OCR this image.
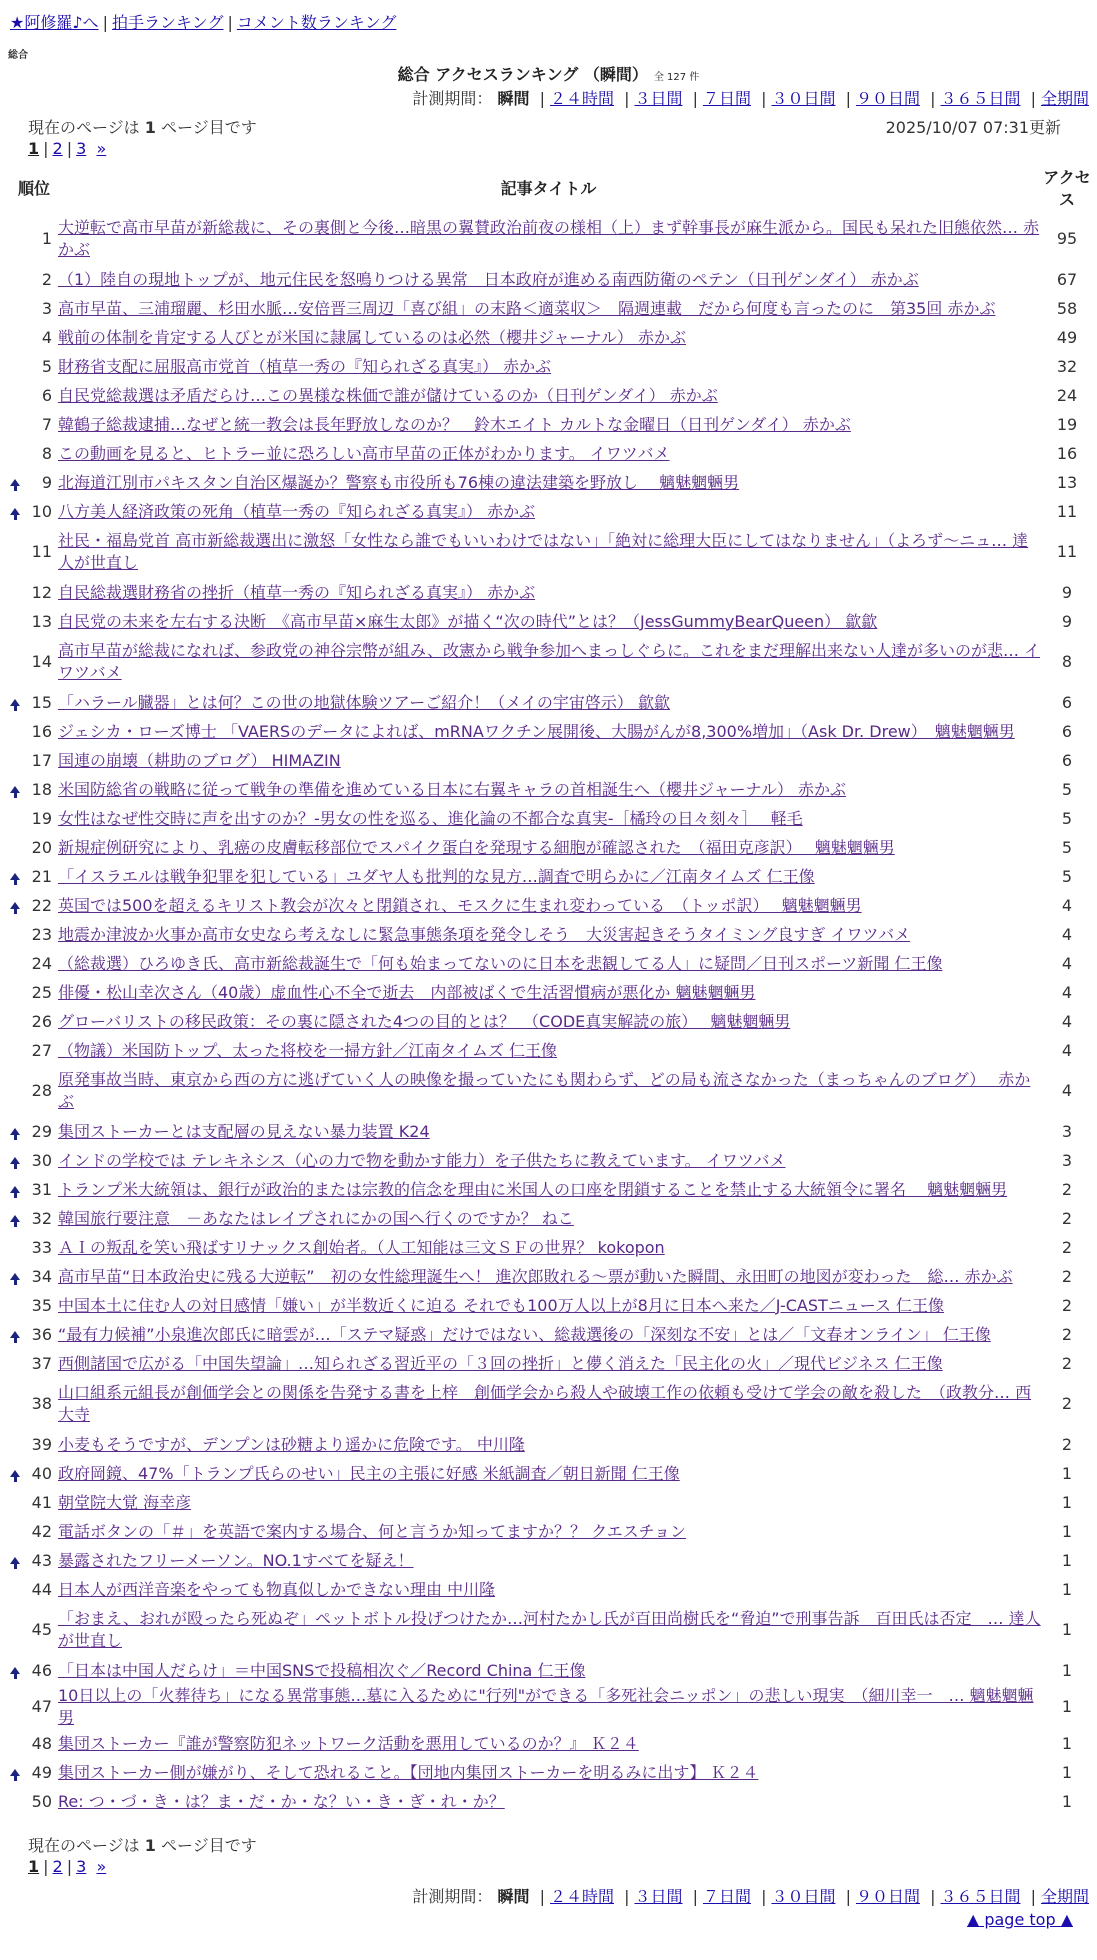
★阿修羅♪へ | 拍手ランキング | コメント数ランキング
総合
総合 アクセスランキング （瞬間） 全 127 件
計測期間： 瞬間 | ２４時間 | ３日間 | ７日間 | ３０日間 | ９０日間 | ３６５日間 | 全期間
現在のページは 1 ページ目です	2025/10/07 07:31更新
1 | 2 | 3 »
順位		記事タイトル	アクセス
	1	大逆転で高市早苗が新総裁に、その裏側と今後…暗黒の翼賛政治前夜の様相（上）まず幹事長が麻生派から。国民も呆れた旧態依然… 赤かぶ	95
	2	（1）陸自の現地トップが、地元住民を怒鳴りつける異常　日本政府が進める南西防衛のペテン（日刊ゲンダイ） 赤かぶ	67
	3	高市早苗、三浦瑠麗、杉田水脈…安倍晋三周辺「喜び組」の末路＜適菜収＞　隔週連載　だから何度も言ったのに　第35回 赤かぶ	58
	4	戦前の体制を肯定する人びとが米国に隷属しているのは必然（櫻井ジャーナル） 赤かぶ	49
	5	財務省支配に屈服高市党首（植草一秀の『知られざる真実』） 赤かぶ	32
	6	自民党総裁選は矛盾だらけ…この異様な株価で誰が儲けているのか（日刊ゲンダイ） 赤かぶ	24
	7	韓鶴子総裁逮捕…なぜと統一教会は長年野放しなのか？　鈴木エイト カルトな金曜日（日刊ゲンダイ） 赤かぶ	19
	8	この動画を見ると、ヒトラー並に恐ろしい高市早苗の正体がわかります。 イワツバメ	16
	9	北海道江別市パキスタン自治区爆誕か？警察も市役所も76棟の違法建築を野放し　 魑魅魍魎男	13
	10	八方美人経済政策の死角（植草一秀の『知られざる真実』） 赤かぶ	11
	11	社民・福島党首 高市新総裁選出に激怒「女性なら誰でもいいわけではない」「絶対に総理大臣にしてはなりません」（よろず〜ニュ… 達人が世直し	11
	12	自民総裁選財務省の挫折（植草一秀の『知られざる真実』） 赤かぶ	9
	13	自民党の未来を左右する決断　《高市早苗×麻生太郎》が描く“次の時代”とは？（JessGummyBearQueen） 歙歙	9
	14	高市早苗が総裁になれば、参政党の神谷宗幣が組み、改憲から戦争参加へまっしぐらに。これをまだ理解出来ない人達が多いのが悲… イワツバメ	8
	15	「ハラール臓器」とは何？この世の地獄体験ツアーご紹介！（メイの宇宙啓示） 歙歙	6
	16	ジェシカ・ローズ博士 「VAERSのデータによれば、mRNAワクチン展開後、大腸がんが8,300%増加」（Ask Dr. Drew）　魑魅魍魎男	6
	17	国連の崩壊（耕助のブログ） HIMAZIN	6
	18	米国防総省の戦略に従って戦争の準備を進めている日本に右翼キャラの首相誕生へ（櫻井ジャーナル） 赤かぶ	5
	19	女性はなぜ性交時に声を出すのか？-男女の性を巡る、進化論の不都合な真実-［橘玲の日々刻々］　 軽毛	5
	20	新規症例研究により、乳癌の皮膚転移部位でスパイク蛋白を発現する細胞が確認された　（福田克彦訳）　 魑魅魍魎男	5
	21	「イスラエルは戦争犯罪を犯している」ユダヤ人も批判的な見方…調査で明らかに／江南タイムズ 仁王像	5
	22	英国では500を超えるキリスト教会が次々と閉鎖され、モスクに生まれ変わっている　（トッポ訳）　 魑魅魍魎男	4
	23	地震か津波か火事か高市女史なら考えなしに緊急事態条項を発令しそう　大災害起きそうタイミング良すぎ イワツバメ	4
	24	（総裁選）ひろゆき氏、高市新総裁誕生で「何も始まってないのに日本を悲観してる人」に疑問／日刊スポーツ新聞 仁王像	4
	25	俳優・松山幸次さん（40歳）虚血性心不全で逝去　内部被ばくで生活習慣病が悪化か 魑魅魍魎男	4
	26	グローバリストの移民政策：その裏に隠された4つの目的とは？　（CODE真実解読の旅）　 魑魅魍魎男	4
	27	（物議）米国防トップ、太った将校を一掃方針／江南タイムズ 仁王像	4
	28	原発事故当時、東京から西の方に逃げていく人の映像を撮っていたにも関わらず、どの局も流さなかった（まっちゃんのブログ）　 赤かぶ	4
	29	集団ストーカーとは支配層の見えない暴力装置 K24	3
	30	インドの学校では テレキネシス（心の力で物を動かす能力）を子供たちに教えています。 イワツバメ	3
	31	トランプ米大統領は、銀行が政治的または宗教的信念を理由に米国人の口座を閉鎖することを禁止する大統領令に署名　 魑魅魍魎男	2
	32	韓国旅行要注意　－あなたはレイプされにかの国へ行くのですか？ ねこ	2
	33	ＡＩの叛乱を笑い飛ばすリナックス創始者。（人工知能は三文ＳＦの世界？ kokopon	2
	34	高市早苗“日本政治史に残る大逆転”　初の女性総理誕生へ！ 進次郎敗れる〜票が動いた瞬間、永田町の地図が変わった　総… 赤かぶ	2
	35	中国本土に住む人の対日感情「嫌い」が半数近くに迫る それでも100万人以上が8月に日本へ来た／J-CASTニュース 仁王像	2
	36	“最有力候補”小泉進次郎氏に暗雲が…「ステマ疑惑」だけではない、総裁選後の「深刻な不安」とは／「文春オンライン」 仁王像	2
	37	西側諸国で広がる「中国失望論」…知られざる習近平の「３回の挫折」と儚く消えた「民主化の火」／現代ビジネス 仁王像	2
	38	山口組系元組長が創価学会との関係を告発する書を上梓　創価学会から殺人や破壊工作の依頼も受けて学会の敵を殺した　（政教分… 西大寺	2
	39	小麦もそうですが、デンプンは砂糖より遥かに危険です。 中川隆	2
	40	政府岡鏡、47%「トランプ氏らのせい」民主の主張に好感 米紙調査／朝日新聞 仁王像	1
	41	朝堂院大覚 海幸彦	1
	42	電話ボタンの「＃」を英語で案内する場合、何と言うか知ってますか？？ クエスチョン	1
	43	暴露されたフリーメーソン。NO.1すべてを疑え！	1
	44	日本人が西洋音楽をやっても物真似しかできない理由 中川隆	1
	45	「おまえ、おれが殴ったら死ぬぞ」ペットボトル投げつけたか…河村たかし氏が百田尚樹氏を“脅迫”で刑事告訴　百田氏は否定　… 達人が世直し	1
	46	「日本は中国人だらけ」＝中国SNSで投稿相次ぐ／Record China 仁王像	1
	47	10日以上の「火葬待ち」になる異常事態…墓に入るために"行列"ができる「多死社会ニッポン」の悲しい現実　（細川幸一　… 魑魅魍魎男	1
	48	集団ストーカー『誰が警察防犯ネットワーク活動を悪用しているのか？』 Ｋ２４	1
	49	集団ストーカー側が嫌がり、そして恐れること。【団地内集団ストーカーを明るみに出す】 Ｋ２４	1
	50	Re: つ・づ・き・は？ま・だ・か・な？い・き・ぎ・れ・か？	1
現在のページは 1 ページ目です
1 | 2 | 3 »
計測期間： 瞬間 | ２４時間 | ３日間 | ７日間 | ３０日間 | ９０日間 | ３６５日間 | 全期間
▲ page top ▲
